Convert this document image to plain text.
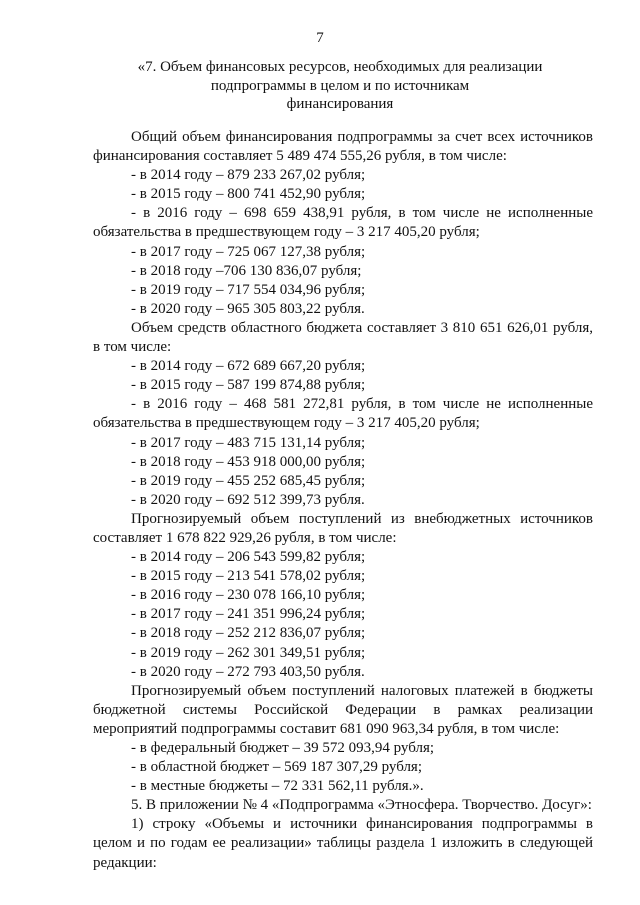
7
«7. Объем финансовых ресурсов, необходимых для реализации
подпрограммы в целом и по источникам
финансирования

Общий объем финансирования подпрограммы за счет всех источников финансирования составляет 5 489 474 555,26 рубля, в том числе:

- в 2014 году – 879 233 267,02 рубля;

- в 2015 году – 800 741 452,90 рубля;

- в 2016 году – 698 659 438,91 рубля, в том числе не исполненные обязательства в предшествующем году – 3 217 405,20 рубля;

- в 2017 году – 725 067 127,38 рубля;

- в 2018 году –706 130 836,07 рубля;

- в 2019 году – 717 554 034,96 рубля;

- в 2020 году – 965 305 803,22 рубля.

Объем средств областного бюджета составляет 3 810 651 626,01 рубля, в том числе:

- в 2014 году – 672 689 667,20 рубля;

- в 2015 году – 587 199 874,88 рубля;

- в 2016 году – 468 581 272,81 рубля, в том числе не исполненные обязательства в предшествующем году – 3 217 405,20 рубля;

- в 2017 году – 483 715 131,14 рубля;

- в 2018 году – 453 918 000,00 рубля;

- в 2019 году – 455 252 685,45 рубля;

- в 2020 году – 692 512 399,73 рубля.

Прогнозируемый объем поступлений из внебюджетных источников составляет 1 678 822 929,26 рубля, в том числе:

- в 2014 году – 206 543 599,82 рубля;

- в 2015 году – 213 541 578,02 рубля;

- в 2016 году – 230 078 166,10 рубля;

- в 2017 году – 241 351 996,24 рубля;

- в 2018 году – 252 212 836,07 рубля;

- в 2019 году – 262 301 349,51 рубля;

- в 2020 году – 272 793 403,50 рубля.

Прогнозируемый объем поступлений налоговых платежей в бюджеты бюджетной системы Российской Федерации в рамках реализации мероприятий подпрограммы составит 681 090 963,34 рубля, в том числе:

- в федеральный бюджет – 39 572 093,94 рубля;

- в областной бюджет – 569 187 307,29 рубля;

- в местные бюджеты – 72 331 562,11 рубля.».

5. В приложении № 4 «Подпрограмма «Этносфера. Творчество. Досуг»:

1) строку «Объемы и источники финансирования подпрограммы в целом и по годам ее реализации» таблицы раздела 1 изложить в следующей редакции:
